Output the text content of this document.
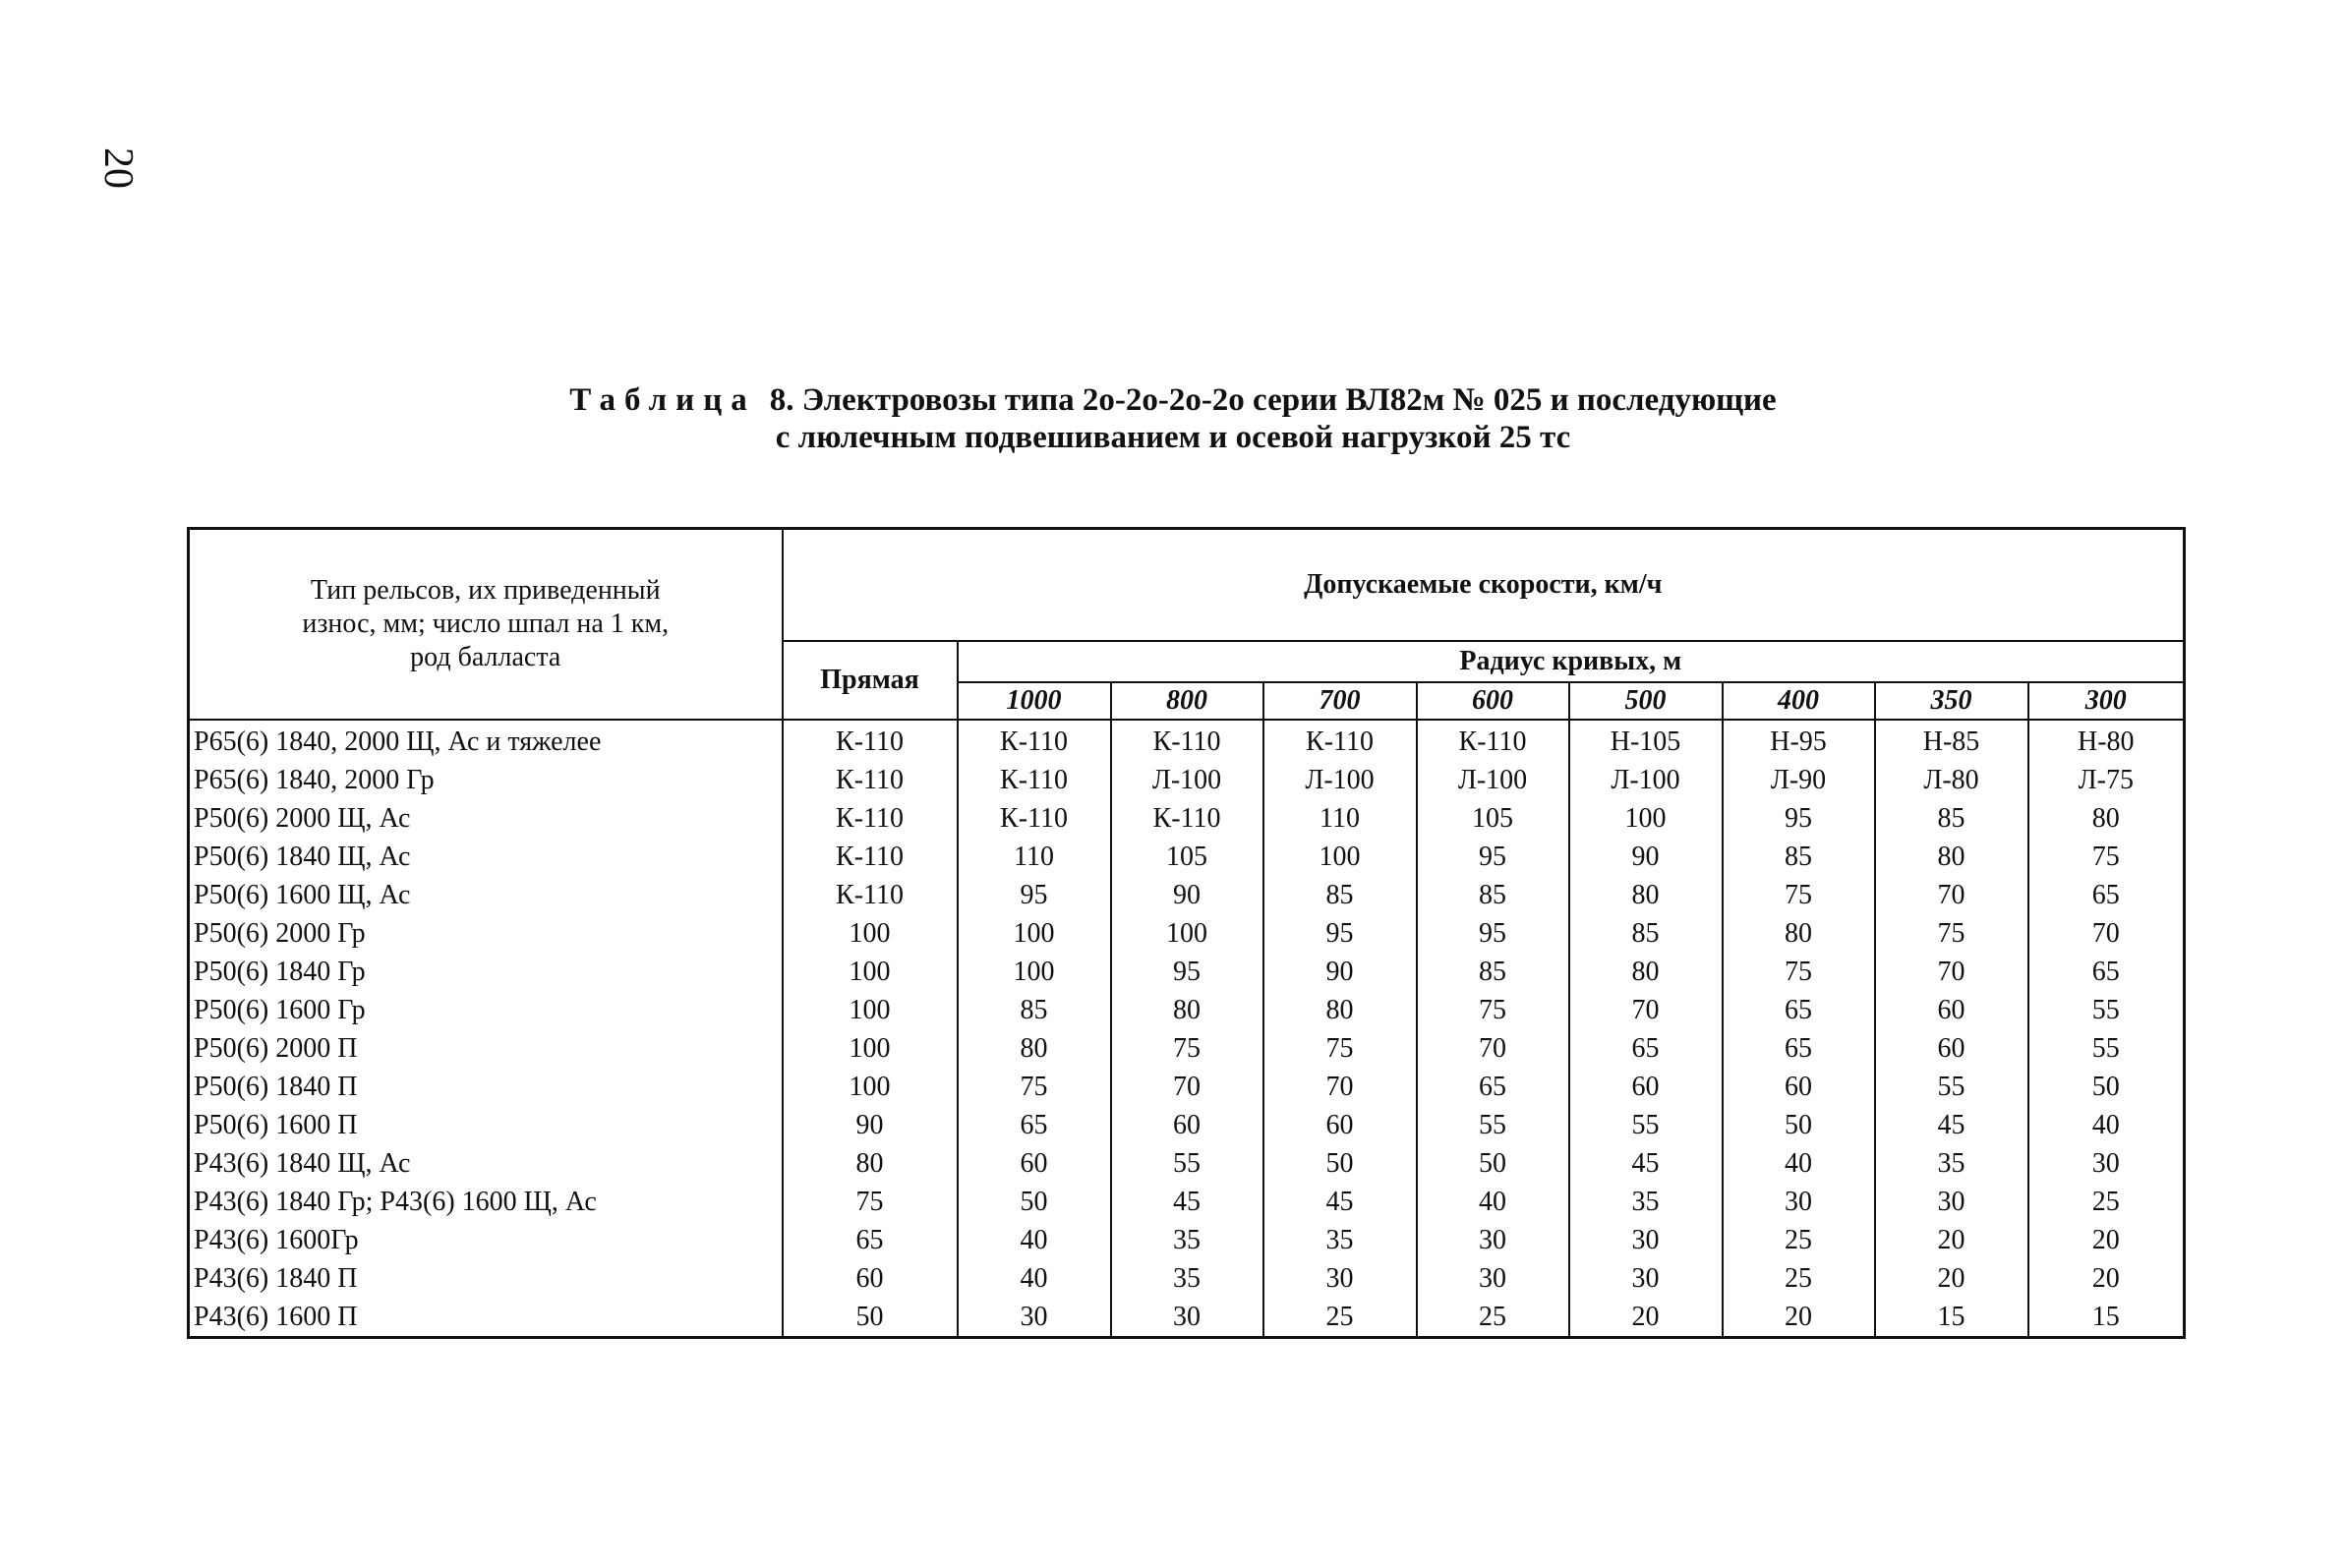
20
Таблица 8. Электровозы типа 2о-2о-2о-2о серии ВЛ82м № 025 и последующие
с люлечным подвешиванием и осевой нагрузкой 25 тс
Тип рельсов, их приведенный
износ, мм; число шпал на 1 км,
род балласта	Допускаемые скорости, км/ч								
	Прямая	Радиус кривых, м							
		1000	800	700	600	500	400	350	300
Р65(6) 1840, 2000 Щ, Ас и тяжелее	К-110	К-110	К-110	К-110	К-110	Н-105	Н-95	Н-85	Н-80
Р65(6) 1840, 2000 Гр	К-110	К-110	Л-100	Л-100	Л-100	Л-100	Л-90	Л-80	Л-75
Р50(6) 2000 Щ, Ас	К-110	К-110	К-110	110	105	100	95	85	80
Р50(6) 1840 Щ, Ас	К-110	110	105	100	95	90	85	80	75
Р50(6) 1600 Щ, Ас	К-110	95	90	85	85	80	75	70	65
Р50(6) 2000 Гр	100	100	100	95	95	85	80	75	70
Р50(6) 1840 Гр	100	100	95	90	85	80	75	70	65
Р50(6) 1600 Гр	100	85	80	80	75	70	65	60	55
Р50(6) 2000 П	100	80	75	75	70	65	65	60	55
Р50(6) 1840 П	100	75	70	70	65	60	60	55	50
Р50(6) 1600 П	90	65	60	60	55	55	50	45	40
Р43(6) 1840 Щ, Ас	80	60	55	50	50	45	40	35	30
Р43(6) 1840 Гр; Р43(6) 1600 Щ, Ас	75	50	45	45	40	35	30	30	25
Р43(6) 1600Гр	65	40	35	35	30	30	25	20	20
Р43(6) 1840 П	60	40	35	30	30	30	25	20	20
Р43(6) 1600 П	50	30	30	25	25	20	20	15	15
